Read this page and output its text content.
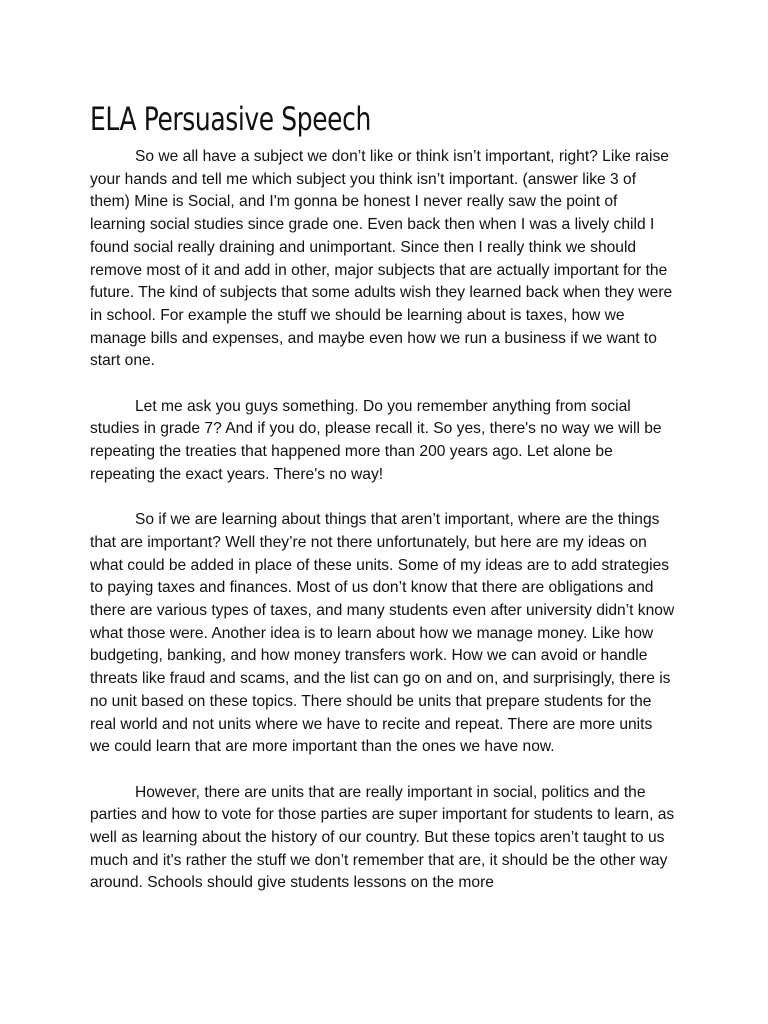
ELA Persuasive Speech

So we all have a subject we don’t like or think isn’t important, right? Like raise your hands and tell me which subject you think isn’t important. (answer like 3 of them) Mine is Social, and I'm gonna be honest I never really saw the point of learning social studies since grade one. Even back then when I was a lively child I found social really draining and unimportant. Since then I really think we should remove most of it and add in other, major subjects that are actually important for the future. The kind of subjects that some adults wish they learned back when they were in school. For example the stuff we should be learning about is taxes, how we manage bills and expenses, and maybe even how we run a business if we want to start one.

Let me ask you guys something. Do you remember anything from social studies in grade 7? And if you do, please recall it. So yes, there's no way we will be repeating the treaties that happened more than 200 years ago. Let alone be repeating the exact years. There's no way!

So if we are learning about things that aren’t important, where are the things that are important? Well they’re not there unfortunately, but here are my ideas on what could be added in place of these units. Some of my ideas are to add strategies to paying taxes and finances. Most of us don’t know that there are obligations and there are various types of taxes, and many students even after university didn’t know what those were. Another idea is to learn about how we manage money. Like how budgeting, banking, and how money transfers work. How we can avoid or handle threats like fraud and scams, and the list can go on and on, and surprisingly, there is no unit based on these topics. There should be units that prepare students for the real world and not units where we have to recite and repeat. There are more units we could learn that are more important than the ones we have now.

However, there are units that are really important in social, politics and the parties and how to vote for those parties are super important for students to learn, as well as learning about the history of our country. But these topics aren’t taught to us much and it's rather the stuff we don’t remember that are, it should be the other way around. Schools should give students lessons on the more
